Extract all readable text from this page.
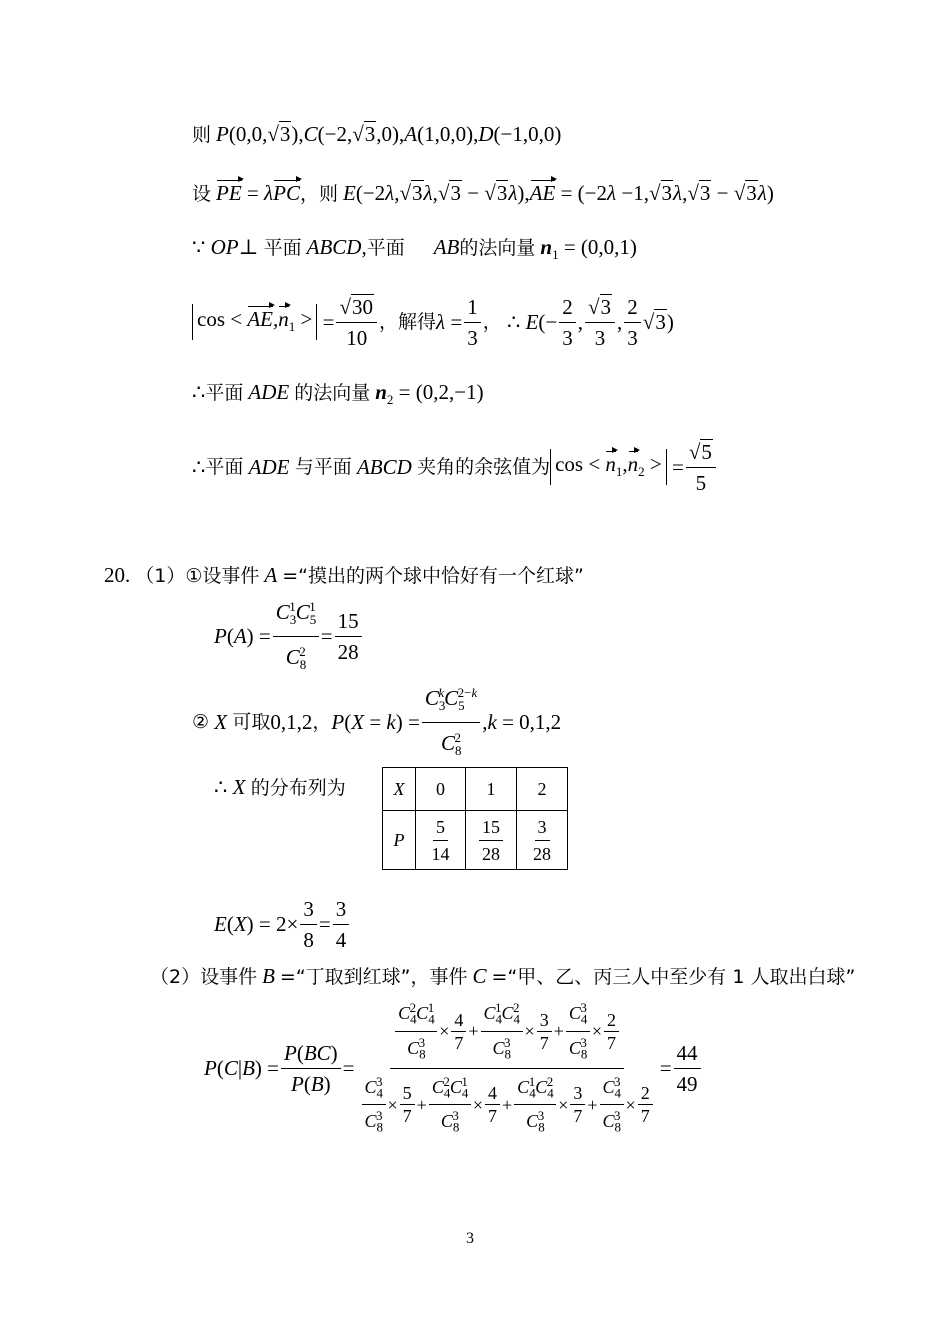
则 P(0,0,√3),C(−2,√3,0),A(1,0,0),D(−1,0,0)
设 PE = λPC，则 E(−2λ,√3λ,√3 − √3λ),AE = (−2λ −1,√3λ,√3 − √3λ)
∵ OP⊥ 平面 ABCD,平面 AB的法向量 $n_1 = (0,0,1)$
$\cos < AE,n_1$ > = $\frac{√30}{10}$ ，解得 $\lambda = \frac{1}{3}$ ， ∴ $E(- \frac{2}{3}$ , $\frac{√3}{3}$ , $\frac{2}{3} √3$)
∴平面 ADE 的法向量 $n_2 = (0,2,-1)$
∴ 平面 ADE 与平面 ABCD 夹角的余弦值为 $\cos < n_1,n_2$ > = $\frac{√5}{5}$
20. （1）①设事件 A =“摸出的两个球中恰好有一个红球”
$P(A) = \frac{C_3^1C_5^1}{C_8^2} = \frac{15}{28}$
② X 可取 0,1,2 ， $P(X = k) = \frac{C_3^kC_5^{2-k}}{C_8^2} ,k = 0,1,2$
∴ X 的分布列为	X	0	1	2
P	$\frac{5}{14}$	$\frac{15}{28}$	$\frac{3}{28}$
$E(X) = 2\times \frac{3}{8} = \frac{3}{4}$
（2）设事件 B =“丁取到红球”，事件 C =“甲、乙、丙三人中至少有 1 人取出白球”
$P(C|B) = \frac{P(BC)}{P(B)} = \frac{\frac{C_4^2C_4^1}{C_8^3} \times \frac{4}{7} + \frac{C_4^1C_4^2}{C_8^3} \times \frac{3}{7} + \frac{C_4^3}{C_8^3} \times \frac{2}{7}}{\frac{C_4^3}{C_8^3} \times \frac{5}{7} + \frac{C_4^2C_4^1}{C_8^3} \times \frac{4}{7} + \frac{C_4^1C_4^2}{C_8^3} \times \frac{3}{7} + \frac{C_4^3}{C_8^3} \times \frac{2}{7}} = \frac{44}{49}$
3
